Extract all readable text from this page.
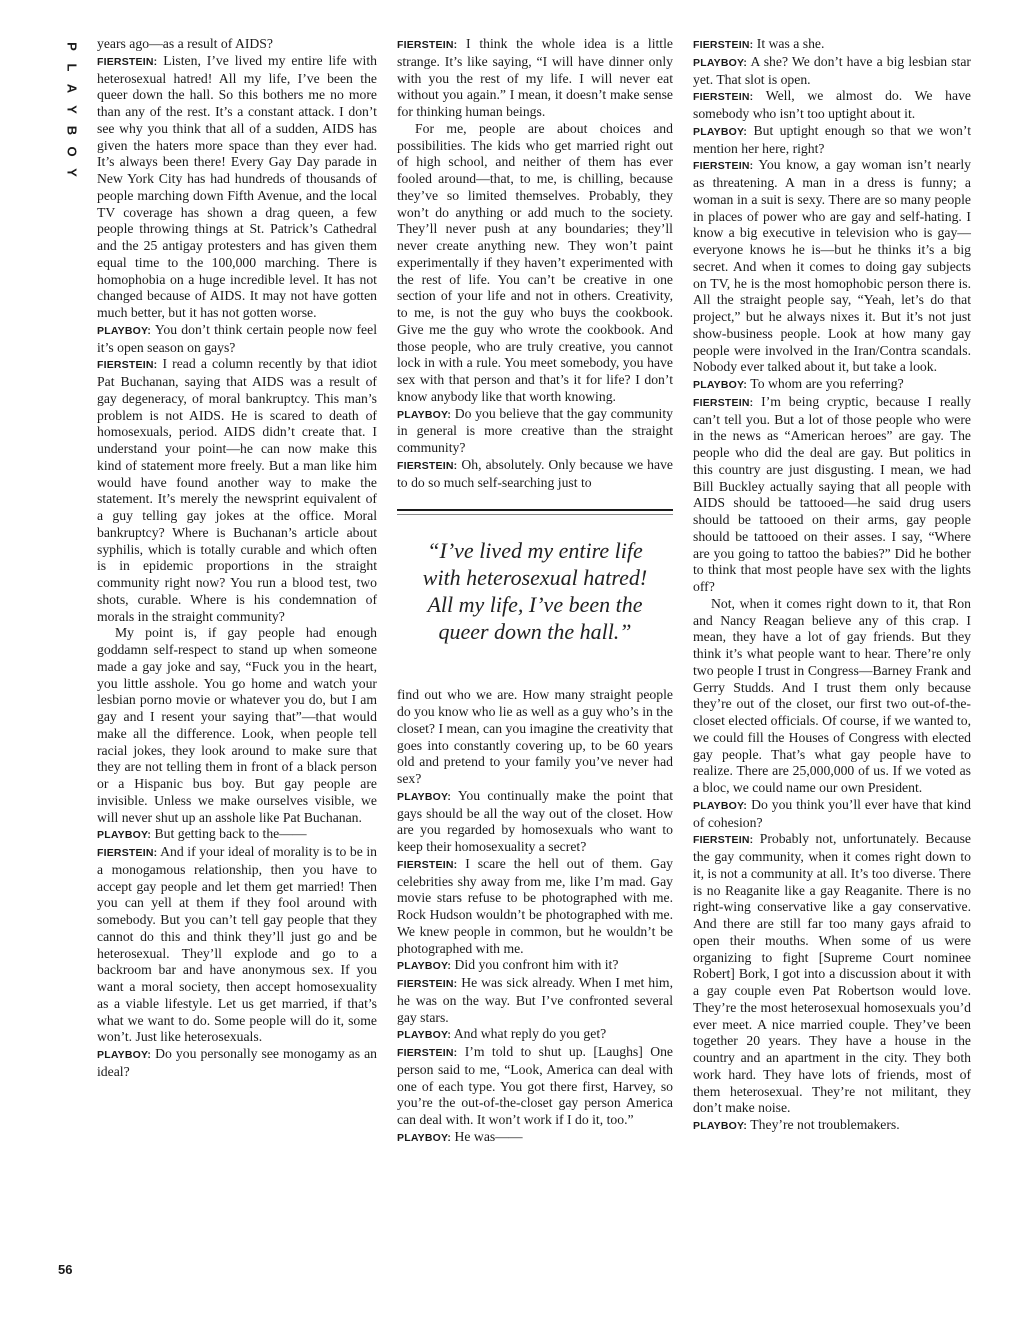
P
L
A
Y
B
O
Y
56

years ago—as a result of AIDS?

FIERSTEIN: Listen, I’ve lived my entire life with heterosexual hatred! All my life, I’ve been the queer down the hall. So this bothers me no more than any of the rest. It’s a constant attack. I don’t see why you think that all of a sudden, AIDS has given the haters more space than they ever had. It’s always been there! Every Gay Day parade in New York City has had hundreds of thousands of people marching down Fifth Avenue, and the local TV coverage has shown a drag queen, a few people throwing things at St. Patrick’s Cathedral and the 25 antigay protesters and has given them equal time to the 100,000 marching. There is homophobia on a huge incredible level. It has not changed because of AIDS. It may not have gotten much better, but it has not gotten worse.

PLAYBOY: You don’t think certain people now feel it’s open season on gays?

FIERSTEIN: I read a column recently by that idiot Pat Buchanan, saying that AIDS was a result of gay degeneracy, of moral bankruptcy. This man’s problem is not AIDS. He is scared to death of homosexuals, period. AIDS didn’t create that. I understand your point—he can now make this kind of statement more freely. But a man like him would have found another way to make the statement. It’s merely the newsprint equivalent of a guy telling gay jokes at the office. Moral bankruptcy? Where is Buchanan’s article about syphilis, which is totally curable and which often is in epidemic proportions in the straight community right now? You run a blood test, two shots, curable. Where is his condemnation of morals in the straight community?

My point is, if gay people had enough goddamn self-respect to stand up when someone made a gay joke and say, “Fuck you in the heart, you little asshole. You go home and watch your lesbian porno movie or whatever you do, but I am gay and I resent your saying that”—that would make all the difference. Look, when people tell racial jokes, they look around to make sure that they are not telling them in front of a black person or a Hispanic bus boy. But gay people are invisible. Unless we make ourselves visible, we will never shut up an asshole like Pat Buchanan.

PLAYBOY: But getting back to the——

FIERSTEIN: And if your ideal of morality is to be in a monogamous relationship, then you have to accept gay people and let them get married! Then you can yell at them if they fool around with somebody. But you can’t tell gay people that they cannot do this and think they’ll just go and be heterosexual. They’ll explode and go to a backroom bar and have anonymous sex. If you want a moral society, then accept homosexuality as a viable lifestyle. Let us get married, if that’s what we want to do. Some people will do it, some won’t. Just like heterosexuals.

PLAYBOY: Do you personally see monogamy as an ideal?

FIERSTEIN: I think the whole idea is a little strange. It’s like saying, “I will have dinner only with you the rest of my life. I will never eat without you again.” I mean, it doesn’t make sense for thinking human beings.

For me, people are about choices and possibilities. The kids who get married right out of high school, and neither of them has ever fooled around—that, to me, is chilling, because they’ve so limited themselves. Probably, they won’t do anything or add much to the society. They’ll never push at any boundaries; they’ll never create anything new. They won’t paint experimentally if they haven’t experimented with the rest of life. You can’t be creative in one section of your life and not in others. Creativity, to me, is not the guy who buys the cookbook. Give me the guy who wrote the cookbook. And those people, who are truly creative, you cannot lock in with a rule. You meet somebody, you have sex with that person and that’s it for life? I don’t know anybody like that worth knowing.

PLAYBOY: Do you believe that the gay community in general is more creative than the straight community?

FIERSTEIN: Oh, absolutely. Only because we have to do so much self-searching just to

“I’ve lived my entire life with heterosexual hatred! All my life, I’ve been the queer down the hall.”

find out who we are. How many straight people do you know who lie as well as a guy who’s in the closet? I mean, can you imagine the creativity that goes into constantly covering up, to be 60 years old and pretend to your family you’ve never had sex?

PLAYBOY: You continually make the point that gays should be all the way out of the closet. How are you regarded by homosexuals who want to keep their homosexuality a secret?

FIERSTEIN: I scare the hell out of them. Gay celebrities shy away from me, like I’m mad. Gay movie stars refuse to be photographed with me. Rock Hudson wouldn’t be photographed with me. We knew people in common, but he wouldn’t be photographed with me.

PLAYBOY: Did you confront him with it?

FIERSTEIN: He was sick already. When I met him, he was on the way. But I’ve confronted several gay stars.

PLAYBOY: And what reply do you get?

FIERSTEIN: I’m told to shut up. [Laughs] One person said to me, “Look, America can deal with one of each type. You got there first, Harvey, so you’re the out-of-the-closet gay person America can deal with. It won’t work if I do it, too.”

PLAYBOY: He was——

FIERSTEIN: It was a she.

PLAYBOY: A she? We don’t have a big lesbian star yet. That slot is open.

FIERSTEIN: Well, we almost do. We have somebody who isn’t too uptight about it.

PLAYBOY: But uptight enough so that we won’t mention her here, right?

FIERSTEIN: You know, a gay woman isn’t nearly as threatening. A man in a dress is funny; a woman in a suit is sexy. There are so many people in places of power who are gay and self-hating. I know a big executive in television who is gay—everyone knows he is—but he thinks it’s a big secret. And when it comes to doing gay subjects on TV, he is the most homophobic person there is. All the straight people say, “Yeah, let’s do that project,” but he always nixes it. But it’s not just show-business people. Look at how many gay people were involved in the Iran/Contra scandals. Nobody ever talked about it, but take a look.

PLAYBOY: To whom are you referring?

FIERSTEIN: I’m being cryptic, because I really can’t tell you. But a lot of those people who were in the news as “American heroes” are gay. The people who did the deal are gay. But politics in this country are just disgusting. I mean, we had Bill Buckley actually saying that all people with AIDS should be tattooed—he said drug users should be tattooed on their arms, gay people should be tattooed on their asses. I say, “Where are you going to tattoo the babies?” Did he bother to think that most people have sex with the lights off?

Not, when it comes right down to it, that Ron and Nancy Reagan believe any of this crap. I mean, they have a lot of gay friends. But they think it’s what people want to hear. There’re only two people I trust in Congress—Barney Frank and Gerry Studds. And I trust them only because they’re out of the closet, our first two out-of-the-closet elected officials. Of course, if we wanted to, we could fill the Houses of Congress with elected gay people. That’s what gay people have to realize. There are 25,000,000 of us. If we voted as a bloc, we could name our own President.

PLAYBOY: Do you think you’ll ever have that kind of cohesion?

FIERSTEIN: Probably not, unfortunately. Because the gay community, when it comes right down to it, is not a community at all. It’s too diverse. There is no Reaganite like a gay Reaganite. There is no right-wing conservative like a gay conservative. And there are still far too many gays afraid to open their mouths. When some of us were organizing to fight [Supreme Court nominee Robert] Bork, I got into a discussion about it with a gay couple even Pat Robertson would love. They’re the most heterosexual homosexuals you’d ever meet. A nice married couple. They’ve been together 20 years. They have a house in the country and an apartment in the city. They both work hard. They have lots of friends, most of them heterosexual. They’re not militant, they don’t make noise.

PLAYBOY: They’re not troublemakers.
